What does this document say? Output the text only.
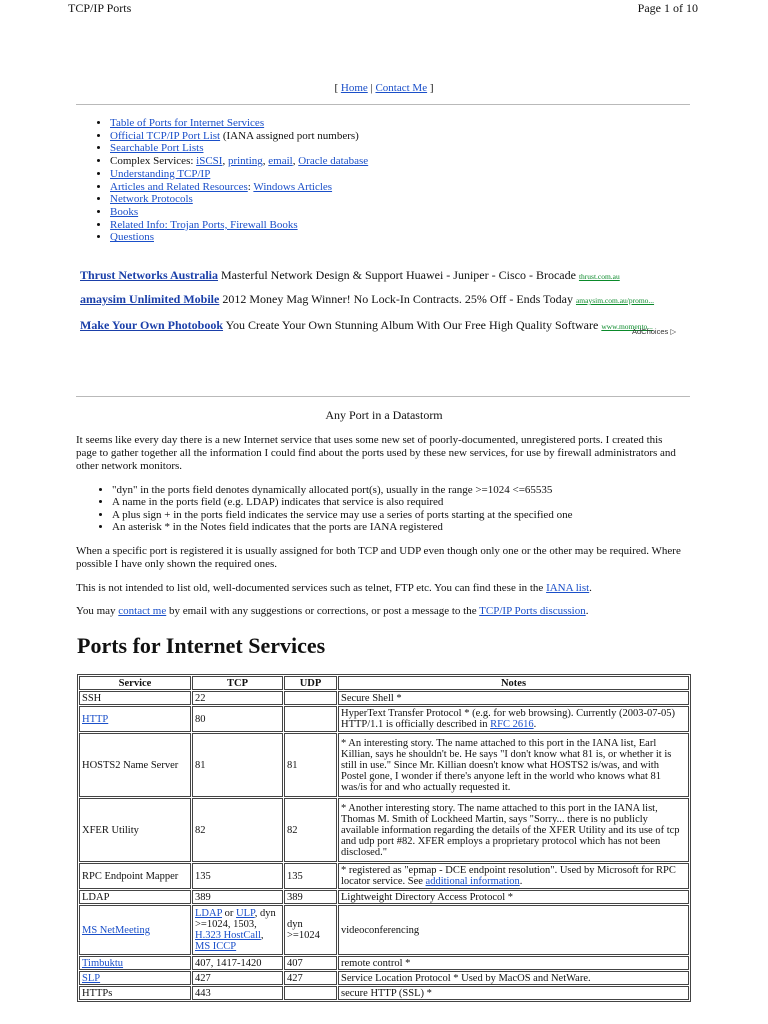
TCP/IP Ports	Page 1 of 10
[ Home | Contact Me ]
• Table of Ports for Internet Services
• Official TCP/IP Port List (IANA assigned port numbers)
• Searchable Port Lists
• Complex Services: iSCSI, printing, email, Oracle database
• Understanding TCP/IP
• Articles and Related Resources: Windows Articles
• Network Protocols
• Books
• Related Info: Trojan Ports, Firewall Books
• Questions
Thrust Networks Australia Masterful Network Design & Support Huawei - Juniper - Cisco - Brocade thrust.com.au
amaysim Unlimited Mobile 2012 Money Mag Winner! No Lock-In Contracts. 25% Off - Ends Today amaysim.com.au/promo...
Make Your Own Photobook You Create Your Own Stunning Album With Our Free High Quality Software www.momento...
AdChoices ▷
Any Port in a Datastorm

It seems like every day there is a new Internet service that uses some new set of poorly-documented, unregistered ports. I created this page to gather together all the information I could find about the ports used by these new services, for use by firewall administrators and other network monitors.

• "dyn" in the ports field denotes dynamically allocated port(s), usually in the range >=1024 <=65535
• A name in the ports field (e.g. LDAP) indicates that service is also required
• A plus sign + in the ports field indicates the service may use a series of ports starting at the specified one
• An asterisk * in the Notes field indicates that the ports are IANA registered

When a specific port is registered it is usually assigned for both TCP and UDP even though only one or the other may be required. Where possible I have only shown the required ones.

This is not intended to list old, well-documented services such as telnet, FTP etc. You can find these in the IANA list.

You may contact me by email with any suggestions or corrections, or post a message to the TCP/IP Ports discussion.

Ports for Internet Services
Service	TCP	UDP	Notes
SSH	22		Secure Shell *
HTTP	80		HyperText Transfer Protocol * (e.g. for web browsing). Currently (2003-07-05) HTTP/1.1 is officially described in RFC 2616.
HOSTS2 Name Server	81	81	* An interesting story. The name attached to this port in the IANA list, Earl Killian, says he shouldn't be. He says "I don't know what 81 is, or whether it is still in use." Since Mr. Killian doesn't know what HOSTS2 is/was, and with Postel gone, I wonder if there's anyone left in the world who knows what 81 was/is for and who actually requested it.
XFER Utility	82	82	* Another interesting story. The name attached to this port in the IANA list, Thomas M. Smith of Lockheed Martin, says "Sorry... there is no publicly available information regarding the details of the XFER Utility and its use of tcp and udp port #82. XFER employs a proprietary protocol which has not been disclosed."
RPC Endpoint Mapper	135	135	* registered as "epmap - DCE endpoint resolution". Used by Microsoft for RPC locator service. See additional information.
LDAP	389	389	Lightweight Directory Access Protocol *
MS NetMeeting	LDAP or ULP, dyn >=1024, 1503, H.323 HostCall, MS ICCP	dyn >=1024	videoconferencing
Timbuktu	407, 1417-1420	407	remote control *
SLP	427	427	Service Location Protocol * Used by MacOS and NetWare.
HTTPs	443		secure HTTP (SSL) *
